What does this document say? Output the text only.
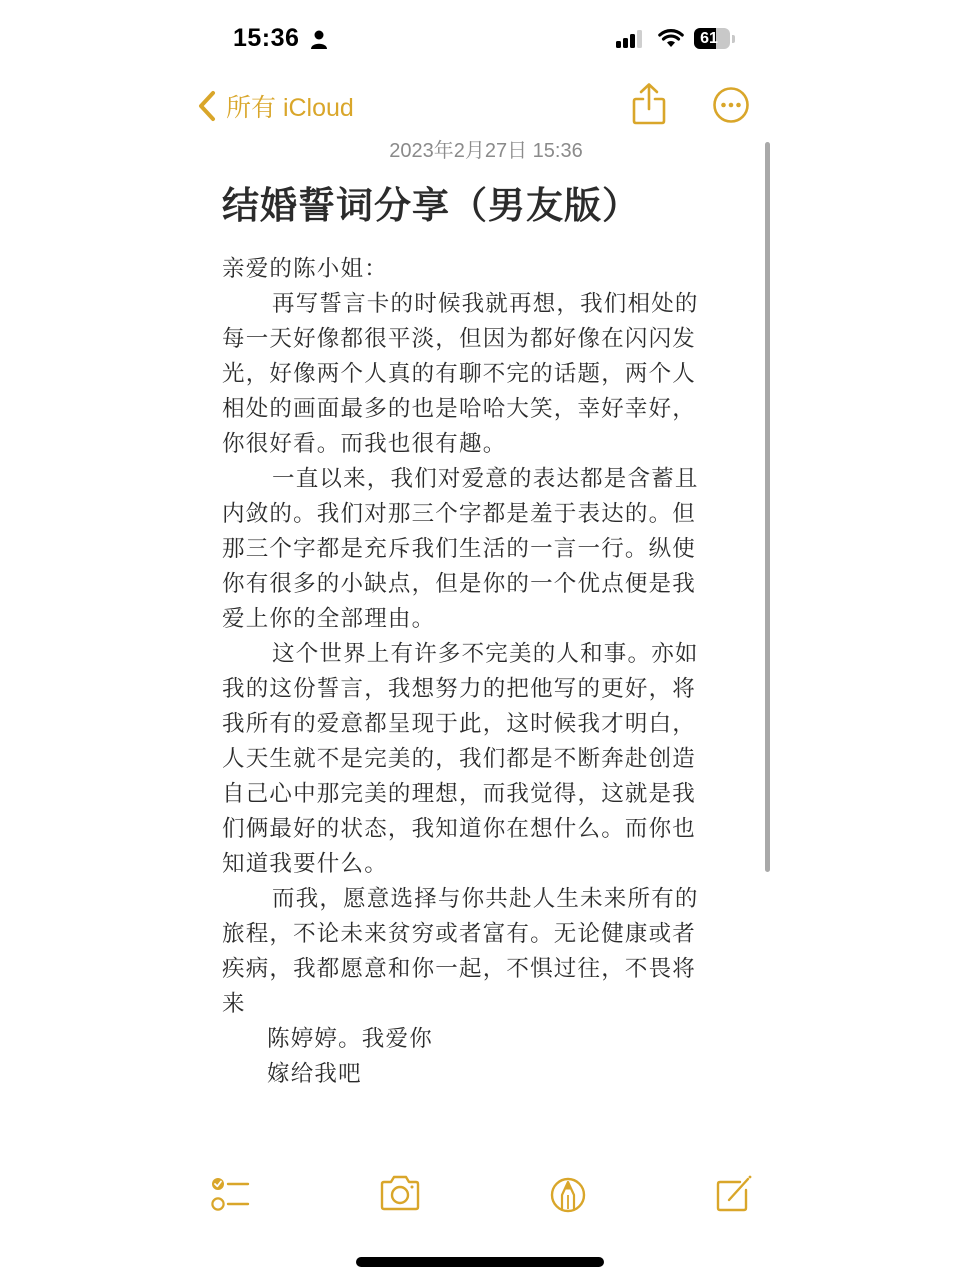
15:36	61
所有 iCloud
2023年2月27日 15:36
结婚誓词分享（男友版）
亲爱的陈小姐：
再写誓言卡的时候我就再想，我们相处的
每一天好像都很平淡，但因为都好像在闪闪发
光，好像两个人真的有聊不完的话题，两个人
相处的画面最多的也是哈哈大笑，幸好幸好，
你很好看。而我也很有趣。
一直以来，我们对爱意的表达都是含蓄且
内敛的。我们对那三个字都是羞于表达的。但
那三个字都是充斥我们生活的一言一行。纵使
你有很多的小缺点，但是你的一个优点便是我
爱上你的全部理由。
这个世界上有许多不完美的人和事。亦如
我的这份誓言，我想努力的把他写的更好，将
我所有的爱意都呈现于此，这时候我才明白，
人天生就不是完美的，我们都是不断奔赴创造
自己心中那完美的理想，而我觉得，这就是我
们俩最好的状态，我知道你在想什么。而你也
知道我要什么。
而我，愿意选择与你共赴人生未来所有的
旅程，不论未来贫穷或者富有。无论健康或者
疾病，我都愿意和你一起，不惧过往，不畏将
来
陈婷婷。我爱你
嫁给我吧
